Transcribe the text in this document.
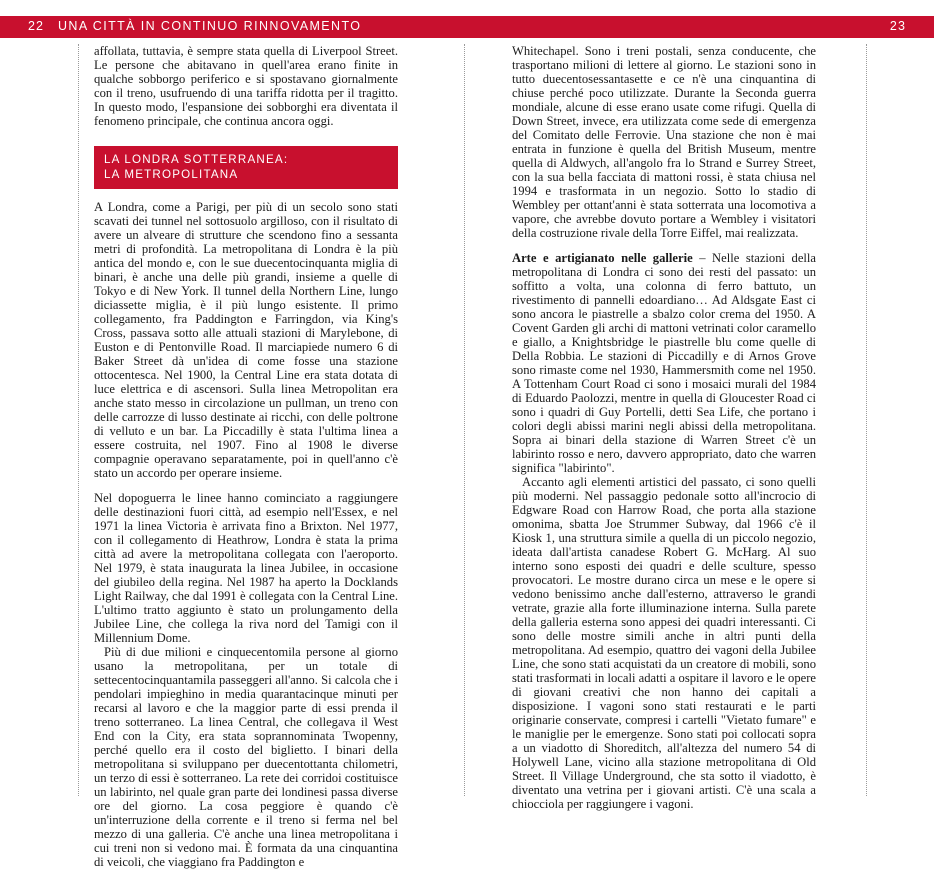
22 UNA CITTÀ IN CONTINUO RINNOVAMENTO	23

affollata, tuttavia, è sempre stata quella di Liverpool Street. Le persone che abitavano in quell'area erano finite in qualche sobborgo periferico e si spostavano giornalmente con il treno, usufruendo di una tariffa ridotta per il tragitto. In questo modo, l'espansione dei sobborghi era diventata il fenomeno principale, che continua ancora oggi.

LA LONDRA SOTTERRANEA:
LA METROPOLITANA

A Londra, come a Parigi, per più di un secolo sono stati scavati dei tunnel nel sottosuolo argilloso, con il risultato di avere un alveare di strutture che scendono fino a sessanta metri di profondità. La metropolitana di Londra è la più antica del mondo e, con le sue duecentocinquanta miglia di binari, è anche una delle più grandi, insieme a quelle di Tokyo e di New York. Il tunnel della Northern Line, lungo diciassette miglia, è il più lungo esistente. Il primo collegamento, fra Paddington e Farringdon, via King's Cross, passava sotto alle attuali stazioni di Marylebone, di Euston e di Pentonville Road. Il marciapiede numero 6 di Baker Street dà un'idea di come fosse una stazione ottocentesca. Nel 1900, la Central Line era stata dotata di luce elettrica e di ascensori. Sulla linea Metropolitan era anche stato messo in circolazione un pullman, un treno con delle carrozze di lusso destinate ai ricchi, con delle poltrone di velluto e un bar. La Piccadilly è stata l'ultima linea a essere costruita, nel 1907. Fino al 1908 le diverse compagnie operavano separatamente, poi in quell'anno c'è stato un accordo per operare insieme.

Nel dopoguerra le linee hanno cominciato a raggiungere delle destinazioni fuori città, ad esempio nell'Essex, e nel 1971 la linea Victoria è arrivata fino a Brixton. Nel 1977, con il collegamento di Heathrow, Londra è stata la prima città ad avere la metropolitana collegata con l'aeroporto. Nel 1979, è stata inaugurata la linea Jubilee, in occasione del giubileo della regina. Nel 1987 ha aperto la Docklands Light Railway, che dal 1991 è collegata con la Central Line. L'ultimo tratto aggiunto è stato un prolungamento della Jubilee Line, che collega la riva nord del Tamigi con il Millennium Dome.

Più di due milioni e cinquecentomila persone al giorno usano la metropolitana, per un totale di settecentocinquantamila passeggeri all'anno. Si calcola che i pendolari impieghino in media quarantacinque minuti per recarsi al lavoro e che la maggior parte di essi prenda il treno sotterraneo. La linea Central, che collegava il West End con la City, era stata soprannominata Twopenny, perché quello era il costo del biglietto. I binari della metropolitana si sviluppano per duecentottanta chilometri, un terzo di essi è sotterraneo. La rete dei corridoi costituisce un labirinto, nel quale gran parte dei londinesi passa diverse ore del giorno. La cosa peggiore è quando c'è un'interruzione della corrente e il treno si ferma nel bel mezzo di una galleria. C'è anche una linea metropolitana i cui treni non si vedono mai. È formata da una cinquantina di veicoli, che viaggiano fra Paddington e

Whitechapel. Sono i treni postali, senza conducente, che trasportano milioni di lettere al giorno. Le stazioni sono in tutto duecentosessantasette e ce n'è una cinquantina di chiuse perché poco utilizzate. Durante la Seconda guerra mondiale, alcune di esse erano usate come rifugi. Quella di Down Street, invece, era utilizzata come sede di emergenza del Comitato delle Ferrovie. Una stazione che non è mai entrata in funzione è quella del British Museum, mentre quella di Aldwych, all'angolo fra lo Strand e Surrey Street, con la sua bella facciata di mattoni rossi, è stata chiusa nel 1994 e trasformata in un negozio. Sotto lo stadio di Wembley per ottant'anni è stata sotterrata una locomotiva a vapore, che avrebbe dovuto portare a Wembley i visitatori della costruzione rivale della Torre Eiffel, mai realizzata.

Arte e artigianato nelle gallerie – Nelle stazioni della metropolitana di Londra ci sono dei resti del passato: un soffitto a volta, una colonna di ferro battuto, un rivestimento di pannelli edoardiano… Ad Aldsgate East ci sono ancora le piastrelle a sbalzo color crema del 1950. A Covent Garden gli archi di mattoni vetrinati color caramello e giallo, a Knightsbridge le piastrelle blu come quelle di Della Robbia. Le stazioni di Piccadilly e di Arnos Grove sono rimaste come nel 1930, Hammersmith come nel 1950. A Tottenham Court Road ci sono i mosaici murali del 1984 di Eduardo Paolozzi, mentre in quella di Gloucester Road ci sono i quadri di Guy Portelli, detti Sea Life, che portano i colori degli abissi marini negli abissi della metropolitana. Sopra ai binari della stazione di Warren Street c'è un labirinto rosso e nero, davvero appropriato, dato che warren significa "labirinto".

Accanto agli elementi artistici del passato, ci sono quelli più moderni. Nel passaggio pedonale sotto all'incrocio di Edgware Road con Harrow Road, che porta alla stazione omonima, sbatta Joe Strummer Subway, dal 1966 c'è il Kiosk 1, una struttura simile a quella di un piccolo negozio, ideata dall'artista canadese Robert G. McHarg. Al suo interno sono esposti dei quadri e delle sculture, spesso provocatori. Le mostre durano circa un mese e le opere si vedono benissimo anche dall'esterno, attraverso le grandi vetrate, grazie alla forte illuminazione interna. Sulla parete della galleria esterna sono appesi dei quadri interessanti. Ci sono delle mostre simili anche in altri punti della metropolitana. Ad esempio, quattro dei vagoni della Jubilee Line, che sono stati acquistati da un creatore di mobili, sono stati trasformati in locali adatti a ospitare il lavoro e le opere di giovani creativi che non hanno dei capitali a disposizione. I vagoni sono stati restaurati e le parti originarie conservate, compresi i cartelli "Vietato fumare" e le maniglie per le emergenze. Sono stati poi collocati sopra a un viadotto di Shoreditch, all'altezza del numero 54 di Holywell Lane, vicino alla stazione metropolitana di Old Street. Il Village Underground, che sta sotto il viadotto, è diventato una vetrina per i giovani artisti. C'è una scala a chiocciola per raggiungere i vagoni.
